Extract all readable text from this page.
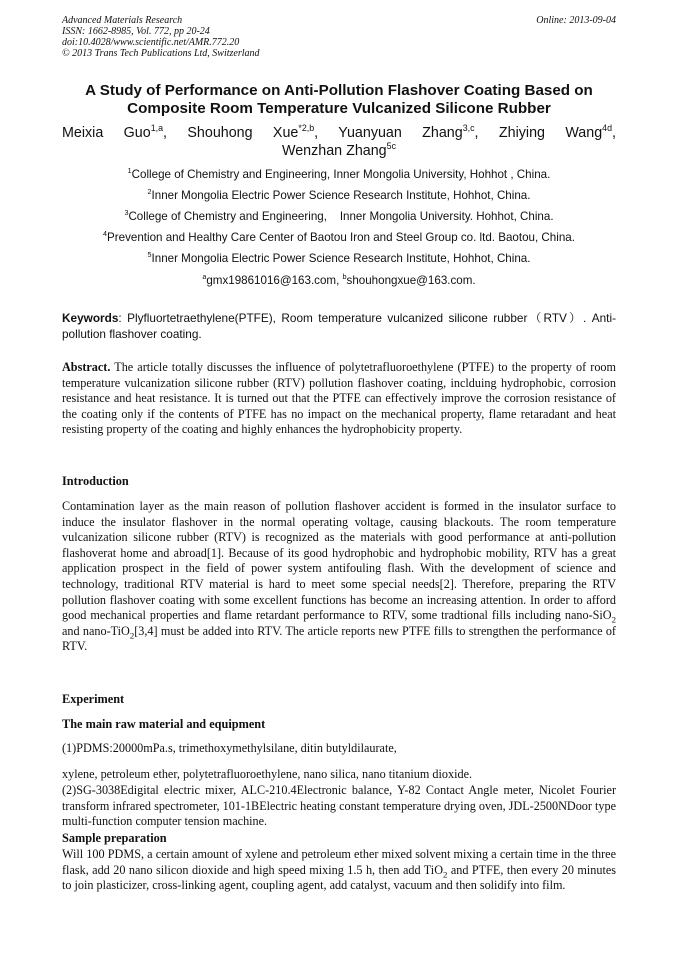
Advanced Materials Research
ISSN: 1662-8985, Vol. 772, pp 20-24
doi:10.4028/www.scientific.net/AMR.772.20
© 2013 Trans Tech Publications Ltd, Switzerland
Online: 2013-09-04
A Study of Performance on Anti-Pollution Flashover Coating Based on
Composite Room Temperature Vulcanized Silicone Rubber
Meixia Guo$^{1,a}$, Shouhong Xue$^{*2,b}$, Yuanyuan Zhang$^{3,c}$, Zhiying Wang$^{4d}$,
Wenzhan Zhang$^{5c}$
$^1$College of Chemistry and Engineering, Inner Mongolia University, Hohhot , China.
$^2$Inner Mongolia Electric Power Science Research Institute, Hohhot, China.
$^3$College of Chemistry and Engineering,    Inner Mongolia University. Hohhot, China.
$^4$Prevention and Healthy Care Center of Baotou Iron and Steel Group co. ltd. Baotou, China.
$^5$Inner Mongolia Electric Power Science Research Institute, Hohhot, China.
$^a$gmx19861016@163.com, $^b$shouhongxue@163.com.
Keywords: Plyfluortetraethylene(PTFE), Room temperature vulcanized silicone rubber（RTV）. Anti-pollution flashover coating.
Abstract. The article totally discusses the influence of polytetrafluoroethylene (PTFE) to the property of room temperature vulcanization silicone rubber (RTV) pollution flashover coating, inclduing hydrophobic, corrosion resistance and heat resistance. It is turned out that the PTFE can effectively improve the corrosion resistance of the coating only if the contents of PTFE has no impact on the mechanical property, flame retaradant and heat resisting property of the coating and highly enhances the hydrophobicity property.
Introduction
Contamination layer as the main reason of pollution flashover accident is formed in the insulator surface to induce the insulator flashover in the normal operating voltage, causing blackouts. The room temperature vulcanization silicone rubber (RTV) is recognized as the materials with good performance at anti-pollution flashoverat home and abroad[1]. Because of its good hydrophobic and hydrophobic mobility, RTV has a great application prospect in the field of power system antifouling flash. With the development of science and technology, traditional RTV material is hard to meet some special needs[2]. Therefore, preparing the RTV pollution flashover coating with some excellent functions has become an increasing attention. In order to afford good mechanical properties and flame retardant performance to RTV, some tradtional fills including nano-SiO$_2$ and nano-TiO$_2$[3,4] must be added into RTV. The article reports new PTFE fills to strengthen the performance of RTV.
Experiment
The main raw material and equipment
(1)PDMS:20000mPa.s, trimethoxymethylsilane, ditin butyldilaurate,
xylene, petroleum ether, polytetrafluoroethylene, nano silica, nano titanium dioxide.
(2)SG-3038Edigital electric mixer, ALC-210.4Electronic balance, Y-82 Contact Angle meter, Nicolet Fourier transform infrared spectrometer, 101-1BElectric heating constant temperature drying oven, JDL-2500NDoor type multi-function computer tension machine.
Sample preparation
Will 100 PDMS, a certain amount of xylene and petroleum ether mixed solvent mixing a certain time in the three flask, add 20 nano silicon dioxide and high speed mixing 1.5 h, then add TiO$_2$ and PTFE, then every 20 minutes to join plasticizer, cross-linking agent, coupling agent, add catalyst, vacuum and then solidify into film.
